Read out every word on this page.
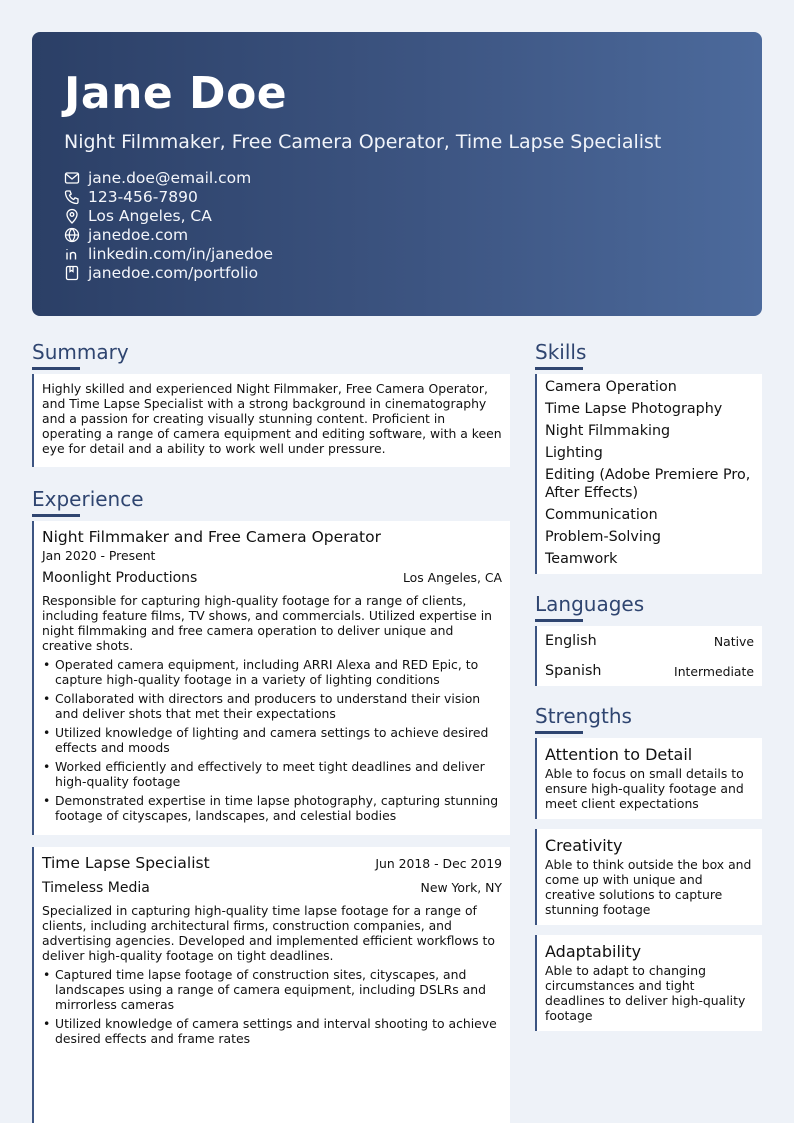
Jane Doe
Night Filmmaker, Free Camera Operator, Time Lapse Specialist
jane.doe@email.com
123-456-7890
Los Angeles, CA
janedoe.com
linkedin.com/in/janedoe
janedoe.com/portfolio
Summary
Highly skilled and experienced Night Filmmaker, Free Camera Operator, and Time Lapse Specialist with a strong background in cinematography and a passion for creating visually stunning content. Proficient in operating a range of camera equipment and editing software, with a keen eye for detail and a ability to work well under pressure.
Experience
Night Filmmaker and Free Camera Operator
Jan 2020 - Present
Moonlight Productions	Los Angeles, CA
Responsible for capturing high-quality footage for a range of clients, including feature films, TV shows, and commercials. Utilized expertise in night filmmaking and free camera operation to deliver unique and creative shots.
• Operated camera equipment, including ARRI Alexa and RED Epic, to capture high-quality footage in a variety of lighting conditions
• Collaborated with directors and producers to understand their vision and deliver shots that met their expectations
• Utilized knowledge of lighting and camera settings to achieve desired effects and moods
• Worked efficiently and effectively to meet tight deadlines and deliver high-quality footage
• Demonstrated expertise in time lapse photography, capturing stunning footage of cityscapes, landscapes, and celestial bodies
Time Lapse Specialist	Jun 2018 - Dec 2019
Timeless Media	New York, NY
Specialized in capturing high-quality time lapse footage for a range of clients, including architectural firms, construction companies, and advertising agencies. Developed and implemented efficient workflows to deliver high-quality footage on tight deadlines.
• Captured time lapse footage of construction sites, cityscapes, and landscapes using a range of camera equipment, including DSLRs and mirrorless cameras
• Utilized knowledge of camera settings and interval shooting to achieve desired effects and frame rates
Skills
Camera Operation
Time Lapse Photography
Night Filmmaking
Lighting
Editing (Adobe Premiere Pro, After Effects)
Communication
Problem-Solving
Teamwork
Languages
English	Native
Spanish	Intermediate
Strengths
Attention to Detail
Able to focus on small details to ensure high-quality footage and meet client expectations
Creativity
Able to think outside the box and come up with unique and creative solutions to capture stunning footage
Adaptability
Able to adapt to changing circumstances and tight deadlines to deliver high-quality footage
